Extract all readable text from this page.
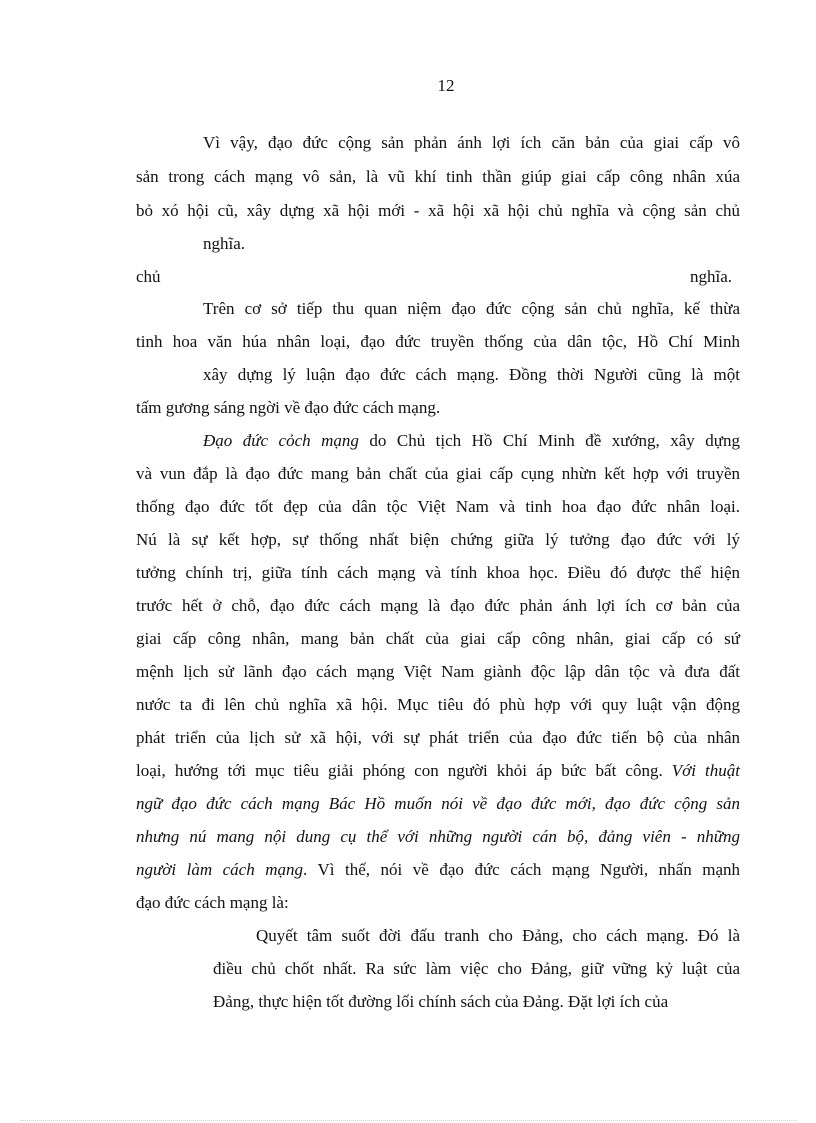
12
Vì vậy, đạo đức cộng sản phản ánh lợi ích căn bản của giai cấp vô
sản trong cách mạng vô sản, là vũ khí tinh thần giúp giai cấp công nhân xúa
bỏ xó hội cũ, xây dựng xã hội mới - xã hội xã hội chủ nghĩa và cộng sản chủ
nghĩa.
chủ	nghĩa.
Trên cơ sở tiếp thu quan niệm đạo đức cộng sản chủ nghĩa, kế thừa
tinh hoa văn húa nhân loại, đạo đức truyền thống của dân tộc, Hồ Chí Minh
xây dựng lý luận đạo đức cách mạng. Đồng thời Người cũng là một
tấm gương sáng ngời về đạo đức cách mạng.
Đạo đức cỏch mạng do Chủ tịch Hồ Chí Minh đề xướng, xây dựng
và vun đắp là đạo đức mang bản chất của giai cấp cụng nhừn kết hợp với truyền
thống đạo đức tốt đẹp của dân tộc Việt Nam và tinh hoa đạo đức nhân loại.
Nú là sự kết hợp, sự thống nhất biện chứng giữa lý tưởng đạo đức với lý
tưởng chính trị, giữa tính cách mạng và tính khoa học. Điều đó được thể hiện
trước hết ở chỗ, đạo đức cách mạng là đạo đức phản ánh lợi ích cơ bản của
giai cấp công nhân, mang bản chất của giai cấp công nhân, giai cấp có sứ
mệnh lịch sử lãnh đạo cách mạng Việt Nam giành độc lập dân tộc và đưa đất
nước ta đi lên chủ nghĩa xã hội. Mục tiêu đó phù hợp với quy luật vận động
phát triển của lịch sử xã hội, với sự phát triển của đạo đức tiến bộ của nhân
loại, hướng tới mục tiêu giải phóng con người khỏi áp bức bất công. Với thuật
ngữ đạo đức cách mạng Bác Hồ muốn nói về đạo đức mới, đạo đức cộng sản
nhưng nú mang nội dung cụ thể với những người cán bộ, đảng viên - những
người làm cách mạng. Vì thế, nói về đạo đức cách mạng Người, nhấn mạnh
đạo đức cách mạng là:
Quyết tâm suốt đời đấu tranh cho Đảng, cho cách mạng. Đó là
điều chủ chốt nhất. Ra sức làm việc cho Đảng, giữ vững kỷ luật của
Đảng, thực hiện tốt đường lối chính sách của Đảng. Đặt lợi ích của
